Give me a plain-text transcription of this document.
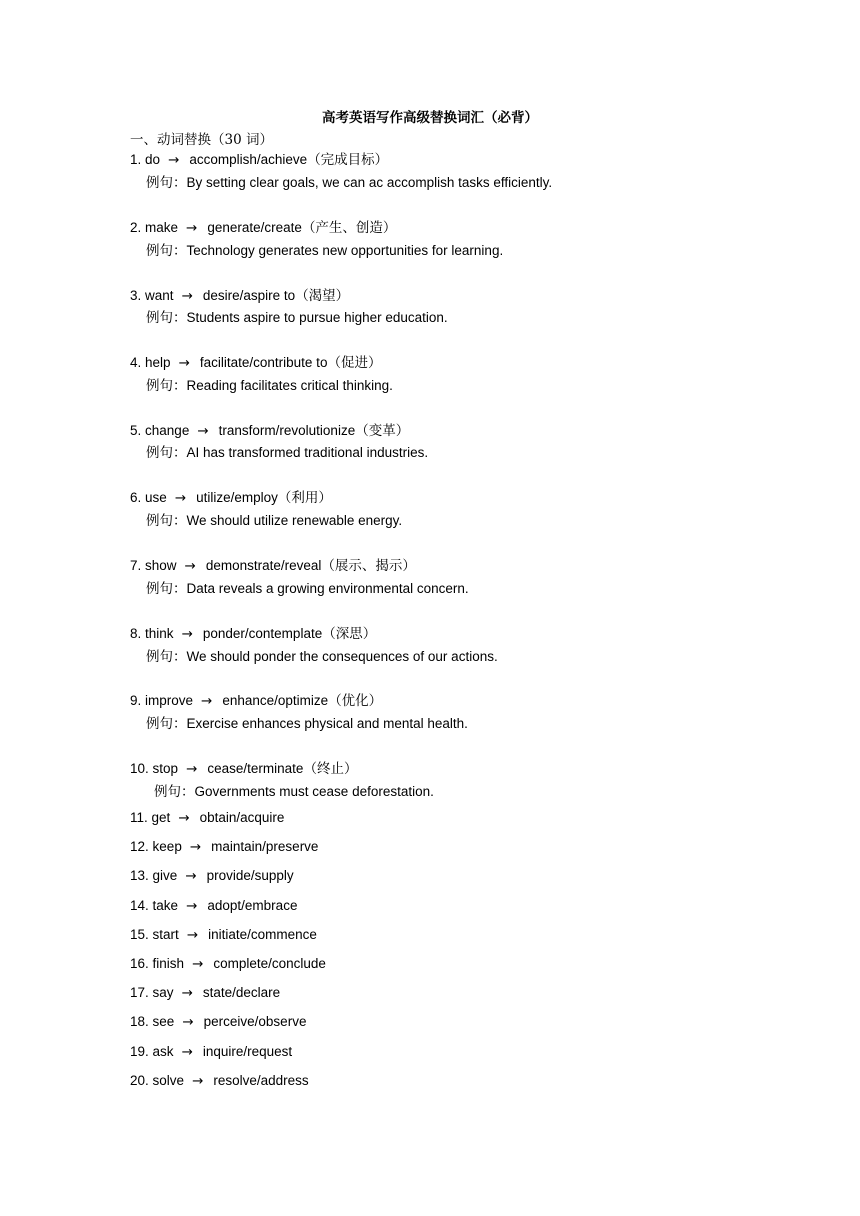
高考英语写作高级替换词汇（必背）
一、动词替换（30 词）
1. do → accomplish/achieve（完成目标）
例句：By setting clear goals, we can ac accomplish tasks efficiently.
2. make → generate/create（产生、创造）
例句：Technology generates new opportunities for learning.
3. want → desire/aspire to（渴望）
例句：Students aspire to pursue higher education.
4. help → facilitate/contribute to（促进）
例句：Reading facilitates critical thinking.
5. change → transform/revolutionize（变革）
例句：AI has transformed traditional industries.
6. use → utilize/employ（利用）
例句：We should utilize renewable energy.
7. show → demonstrate/reveal（展示、揭示）
例句：Data reveals a growing environmental concern.
8. think → ponder/contemplate（深思）
例句：We should ponder the consequences of our actions.
9. improve → enhance/optimize（优化）
例句：Exercise enhances physical and mental health.
10. stop → cease/terminate（终止）
例句：Governments must cease deforestation.
11. get → obtain/acquire
12. keep → maintain/preserve
13. give → provide/supply
14. take → adopt/embrace
15. start → initiate/commence
16. finish → complete/conclude
17. say → state/declare
18. see → perceive/observe
19. ask → inquire/request
20. solve → resolve/address
